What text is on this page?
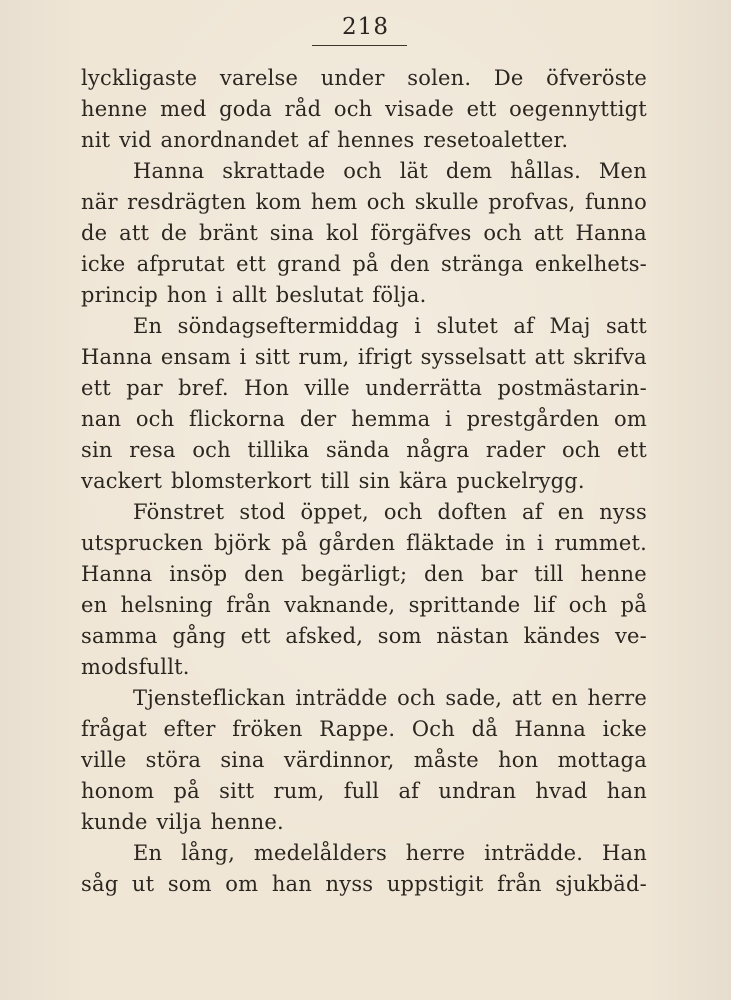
218
lyckligaste varelse under solen. De öfveröste
henne med goda råd och visade ett oegennyttigt
nit vid anordnandet af hennes resetoaletter.
Hanna skrattade och lät dem hållas. Men
när resdrägten kom hem och skulle profvas, funno
de att de bränt sina kol förgäfves och att Hanna
icke afprutat ett grand på den stränga enkelhets-
princip hon i allt beslutat följa.
En söndagseftermiddag i slutet af Maj satt
Hanna ensam i sitt rum, ifrigt sysselsatt att skrifva
ett par bref. Hon ville underrätta postmästarin-
nan och flickorna der hemma i prestgården om
sin resa och tillika sända några rader och ett
vackert blomsterkort till sin kära puckelrygg.
Fönstret stod öppet, och doften af en nyss
utsprucken björk på gården fläktade in i rummet.
Hanna insöp den begärligt; den bar till henne
en helsning från vaknande, sprittande lif och på
samma gång ett afsked, som nästan kändes ve-
modsfullt.
Tjensteflickan inträdde och sade, att en herre
frågat efter fröken Rappe. Och då Hanna icke
ville störa sina värdinnor, måste hon mottaga
honom på sitt rum, full af undran hvad han
kunde vilja henne.
En lång, medelålders herre inträdde. Han
såg ut som om han nyss uppstigit från sjukbäd-
